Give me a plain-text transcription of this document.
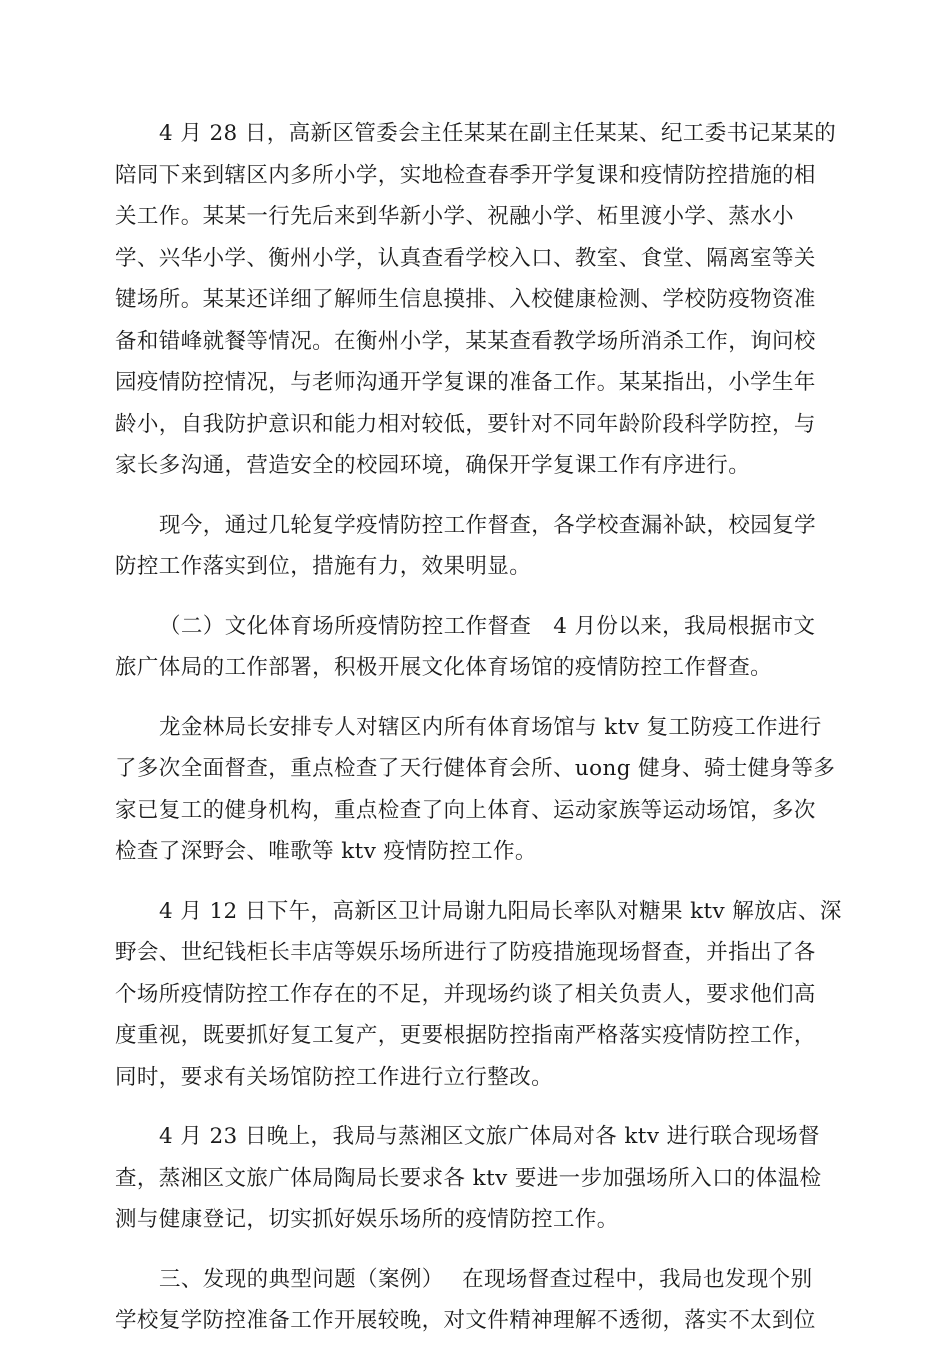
4 月 28 日，高新区管委会主任某某在副主任某某、纪工委书记某某的
陪同下来到辖区内多所小学，实地检查春季开学复课和疫情防控措施的相
关工作。某某一行先后来到华新小学、祝融小学、柘里渡小学、蒸水小
学、兴华小学、衡州小学，认真查看学校入口、教室、食堂、隔离室等关
键场所。某某还详细了解师生信息摸排、入校健康检测、学校防疫物资准
备和错峰就餐等情况。在衡州小学，某某查看教学场所消杀工作，询问校
园疫情防控情况，与老师沟通开学复课的准备工作。某某指出，小学生年
龄小，自我防护意识和能力相对较低，要针对不同年龄阶段科学防控，与
家长多沟通，营造安全的校园环境，确保开学复课工作有序进行。

现今，通过几轮复学疫情防控工作督查，各学校查漏补缺，校园复学
防控工作落实到位，措施有力，效果明显。

（二）文化体育场所疫情防控工作督查　4 月份以来，我局根据市文
旅广体局的工作部署，积极开展文化体育场馆的疫情防控工作督查。

龙金林局长安排专人对辖区内所有体育场馆与 ktv 复工防疫工作进行
了多次全面督查，重点检查了天行健体育会所、uong 健身、骑士健身等多
家已复工的健身机构，重点检查了向上体育、运动家族等运动场馆，多次
检查了深野会、唯歌等 ktv 疫情防控工作。

4 月 12 日下午，高新区卫计局谢九阳局长率队对糖果 ktv 解放店、深
野会、世纪钱柜长丰店等娱乐场所进行了防疫措施现场督查，并指出了各
个场所疫情防控工作存在的不足，并现场约谈了相关负责人，要求他们高
度重视，既要抓好复工复产，更要根据防控指南严格落实疫情防控工作，
同时，要求有关场馆防控工作进行立行整改。

4 月 23 日晚上，我局与蒸湘区文旅广体局对各 ktv 进行联合现场督
查，蒸湘区文旅广体局陶局长要求各 ktv 要进一步加强场所入口的体温检
测与健康登记，切实抓好娱乐场所的疫情防控工作。

三、发现的典型问题（案例）　 在现场督查过程中，我局也发现个别
学校复学防控准备工作开展较晚，对文件精神理解不透彻，落实不太到位
